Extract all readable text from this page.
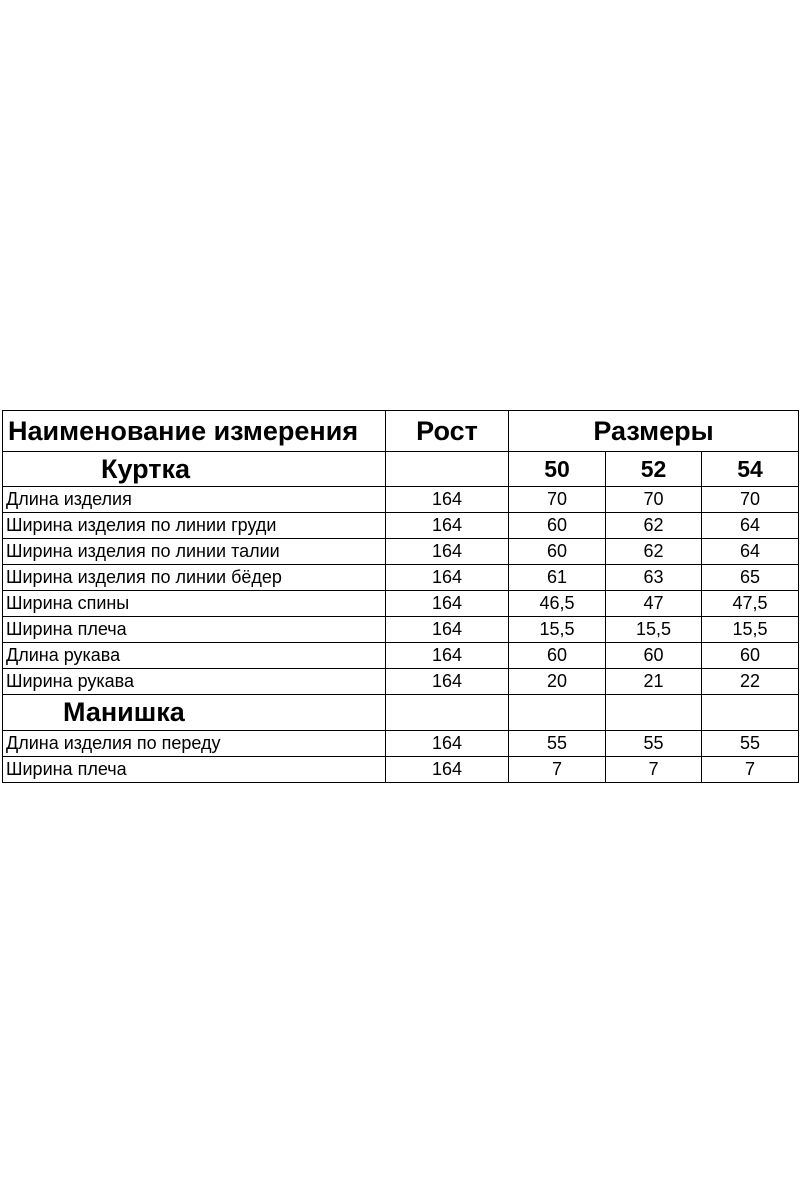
Наименование измерения	Рост	Размеры		
Куртка		50	52	54
Длина изделия	164	70	70	70
Ширина изделия по линии груди	164	60	62	64
Ширина изделия по линии талии	164	60	62	64
Ширина изделия по линии бёдер	164	61	63	65
Ширина спины	164	46,5	47	47,5
Ширина плеча	164	15,5	15,5	15,5
Длина рукава	164	60	60	60
Ширина рукава	164	20	21	22
Манишка				
Длина изделия по переду	164	55	55	55
Ширина плеча	164	7	7	7
